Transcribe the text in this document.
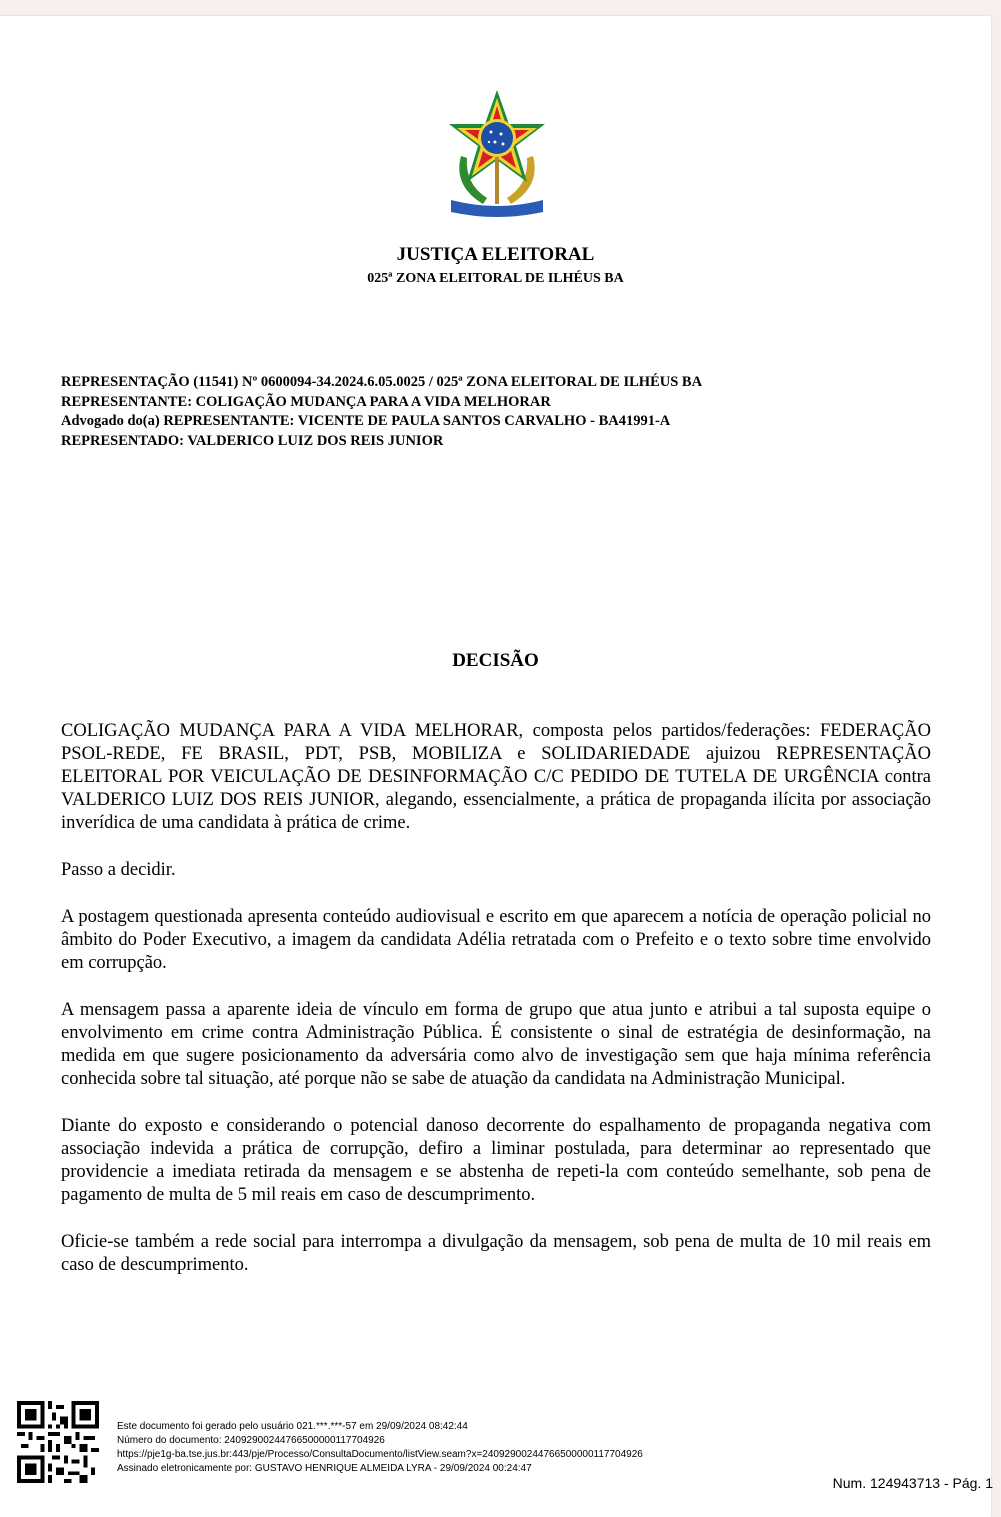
JUSTIÇA ELEITORAL
025ª ZONA ELEITORAL DE ILHÉUS BA
REPRESENTAÇÃO (11541) Nº 0600094-34.2024.6.05.0025 / 025ª ZONA ELEITORAL DE ILHÉUS BA
REPRESENTANTE: COLIGAÇÃO MUDANÇA PARA A VIDA MELHORAR
Advogado do(a) REPRESENTANTE: VICENTE DE PAULA SANTOS CARVALHO - BA41991-A
REPRESENTADO: VALDERICO LUIZ DOS REIS JUNIOR
DECISÃO

COLIGAÇÃO MUDANÇA PARA A VIDA MELHORAR, composta pelos partidos/federações: FEDERAÇÃO PSOL-REDE, FE BRASIL, PDT, PSB, MOBILIZA e SOLIDARIEDADE ajuizou REPRESENTAÇÃO ELEITORAL POR VEICULAÇÃO DE DESINFORMAÇÃO C/C PEDIDO DE TUTELA DE URGÊNCIA contra VALDERICO LUIZ DOS REIS JUNIOR, alegando, essencialmente, a prática de propaganda ilícita por associação inverídica de uma candidata à prática de crime.

Passo a decidir.

A postagem questionada apresenta conteúdo audiovisual e escrito em que aparecem a notícia de operação policial no âmbito do Poder Executivo, a imagem da candidata Adélia retratada com o Prefeito e o texto sobre time envolvido em corrupção.

A mensagem passa a aparente ideia de vínculo em forma de grupo que atua junto e atribui a tal suposta equipe o envolvimento em crime contra Administração Pública. É consistente o sinal de estratégia de desinformação, na medida em que sugere posicionamento da adversária como alvo de investigação sem que haja mínima referência conhecida sobre tal situação, até porque não se sabe de atuação da candidata na Administração Municipal.

Diante do exposto e considerando o potencial danoso decorrente do espalhamento de propaganda negativa com associação indevida a prática de corrupção, defiro a liminar postulada, para determinar ao representado que providencie a imediata retirada da mensagem e se abstenha de repeti-la com conteúdo semelhante, sob pena de pagamento de multa de 5 mil reais em caso de descumprimento.

Oficie-se também a rede social para interrompa a divulgação da mensagem, sob pena de multa de 10 mil reais em caso de descumprimento.

Este documento foi gerado pelo usuário 021.***.***-57 em 29/09/2024 08:42:44
Número do documento: 24092900244766500000117704926
https://pje1g-ba.tse.jus.br:443/pje/Processo/ConsultaDocumento/listView.seam?x=24092900244766500000117704926
Assinado eletronicamente por: GUSTAVO HENRIQUE ALMEIDA LYRA - 29/09/2024 00:24:47
Num. 124943713 - Pág. 1
